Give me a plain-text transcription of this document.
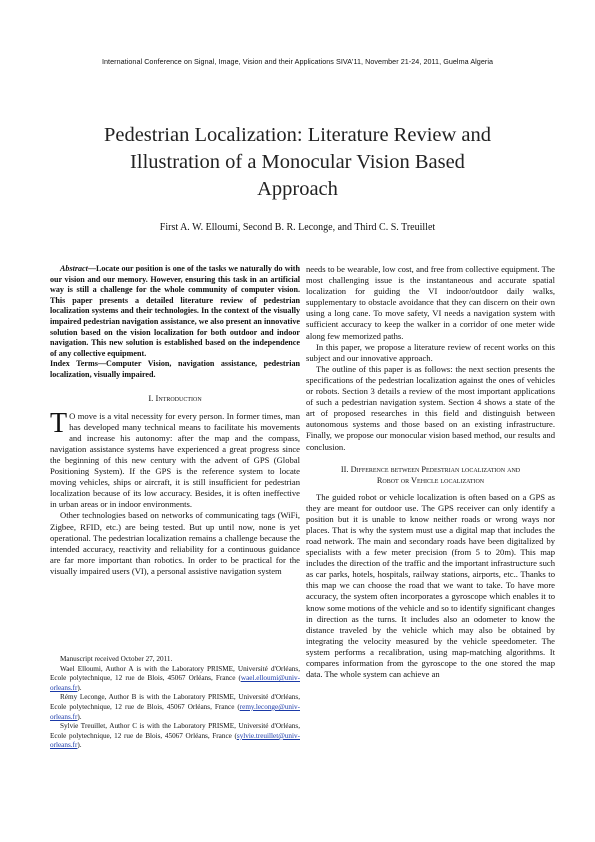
International Conference on Signal, Image, Vision and their Applications SIVA'11, November 21-24, 2011, Guelma Algeria
Pedestrian Localization: Literature Review and
Illustration of a Monocular Vision Based
Approach
First A. W. Elloumi, Second B. R. Leconge, and Third C. S. Treuillet

Abstract—Locate our position is one of the tasks we naturally do with our vision and our memory. However, ensuring this task in an artificial way is still a challenge for the whole community of computer vision. This paper presents a detailed literature review of pedestrian localization systems and their technologies. In the context of the visually impaired pedestrian navigation assistance, we also present an innovative solution based on the vision localization for both outdoor and indoor navigation. This new solution is established based on the independence of any collective equipment.

Index Terms—Computer Vision, navigation assistance, pedestrian localization, visually impaired.

I. Introduction

T O move is a vital necessity for every person. In former times, man has developed many technical means to facilitate his movements and increase his autonomy: after the map and the compass, navigation assistance systems have experienced a great progress since the beginning of this new century with the advent of GPS (Global Positioning System). If the GPS is the reference system to locate moving vehicles, ships or aircraft, it is still insufficient for pedestrian localization because of its low accuracy. Besides, it is often ineffective in urban areas or in indoor environments.

Other technologies based on networks of communicating tags (WiFi, Zigbee, RFID, etc.) are being tested. But up until now, none is yet operational. The pedestrian localization remains a challenge because the intended accuracy, reactivity and reliability for a continuous guidance are far more important than robotics. In order to be practical for the visually impaired users (VI), a personal assistive navigation system

Manuscript received October 27, 2011.

Wael Elloumi, Author A is with the Laboratory PRISME, Université d'Orléans, Ecole polytechnique, 12 rue de Blois, 45067 Orléans, France (wael.elloumi@univ-orleans.fr).

Rémy Leconge, Author B is with the Laboratory PRISME, Université d'Orléans, Ecole polytechnique, 12 rue de Blois, 45067 Orléans, France (remy.leconge@univ-orleans.fr).

Sylvie Treuillet, Author C is with the Laboratory PRISME, Université d'Orléans, Ecole polytechnique, 12 rue de Blois, 45067 Orléans, France (sylvie.treuillet@univ-orleans.fr).

needs to be wearable, low cost, and free from collective equipment. The most challenging issue is the instantaneous and accurate spatial localization for guiding the VI indoor/outdoor daily walks, supplementary to obstacle avoidance that they can discern on their own using a long cane. To move safety, VI needs a navigation system with sufficient accuracy to keep the walker in a corridor of one meter wide along few memorized paths.

In this paper, we propose a literature review of recent works on this subject and our innovative approach.

The outline of this paper is as follows: the next section presents the specifications of the pedestrian localization against the ones of vehicles or robots. Section 3 details a review of the most important applications of such a pedestrian navigation system. Section 4 shows a state of the art of proposed researches in this field and distinguish between autonomous systems and those based on an existing infrastructure. Finally, we propose our monocular vision based method, our results and conclusion.

II. Difference between Pedestrian localization and
Robot or Vehicle localization

The guided robot or vehicle localization is often based on a GPS as they are meant for outdoor use. The GPS receiver can only identify a position but it is unable to know neither roads or wrong ways nor places. That is why the system must use a digital map that includes the road network. The main and secondary roads have been digitalized by specialists with a few meter precision (from 5 to 20m). This map includes the direction of the traffic and the important infrastructure such as car parks, hotels, hospitals, railway stations, airports, etc.. Thanks to this map we can choose the road that we want to take. To have more accuracy, the system often incorporates a gyroscope which enables it to know some motions of the vehicle and so to identify significant changes in direction as the turns. It includes also an odometer to know the distance traveled by the vehicle which may also be obtained by integrating the velocity measured by the vehicle speedometer. The system performs a recalibration, using map-matching algorithms. It compares information from the gyroscope to the one stored the map data. The whole system can achieve an
